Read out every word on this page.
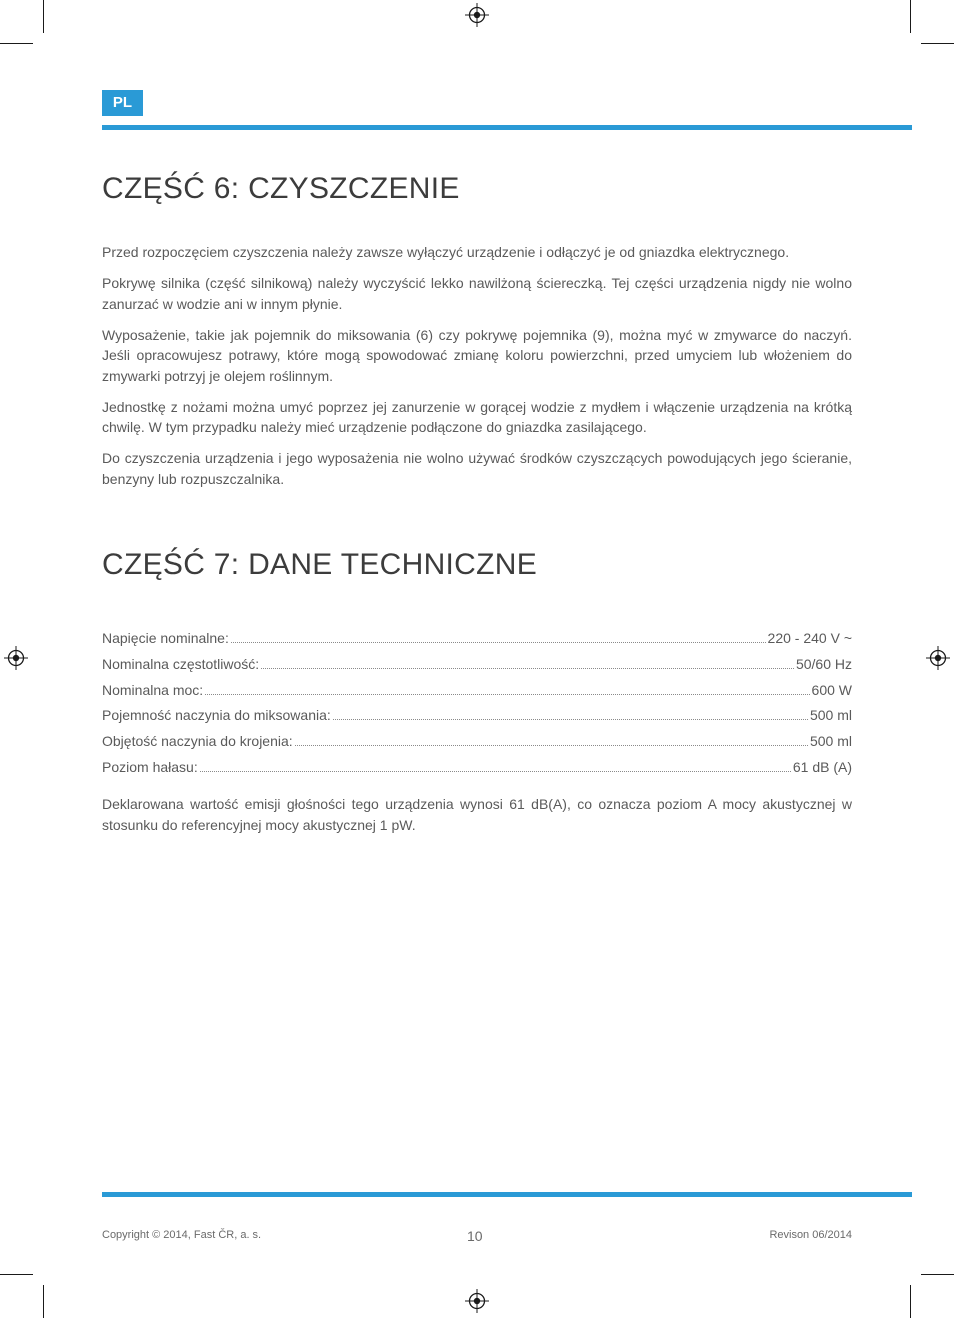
PL
CZĘŚĆ 6: CZYSZCZENIE

Przed rozpoczęciem czyszczenia należy zawsze wyłączyć urządzenie i odłączyć je od gniazdka elektrycznego.

Pokrywę silnika (część silnikową) należy wyczyścić lekko nawilżoną ściereczką. Tej części urządzenia nigdy nie wolno zanurzać w wodzie ani w innym płynie.

Wyposażenie, takie jak pojemnik do miksowania (6) czy pokrywę pojemnika (9), można myć w zmywarce do naczyń. Jeśli opracowujesz potrawy, które mogą spowodować zmianę koloru powierzchni, przed umyciem lub włożeniem do zmywarki potrzyj je olejem roślinnym.

Jednostkę z nożami można umyć poprzez jej zanurzenie w gorącej wodzie z mydłem i włączenie urządzenia na krótką chwilę. W tym przypadku należy mieć urządzenie podłączone do gniazdka zasilającego.

Do czyszczenia urządzenia i jego wyposażenia nie wolno używać środków czyszczących powodujących jego ścieranie, benzyny lub rozpuszczalnika.

CZĘŚĆ 7: DANE TECHNICZNE
Napięcie nominalne:	220 - 240 V ~
Nominalna częstotliwość:	50/60 Hz
Nominalna moc:	600 W
Pojemność naczynia do miksowania:	500 ml
Objętość naczynia do krojenia:	500 ml
Poziom hałasu:	61 dB (A)

Deklarowana wartość emisji głośności tego urządzenia wynosi 61 dB(A), co oznacza poziom A mocy akustycznej w stosunku do referencyjnej mocy akustycznej 1 pW.

Copyright © 2014, Fast ČR, a. s.	10	Revison 06/2014
